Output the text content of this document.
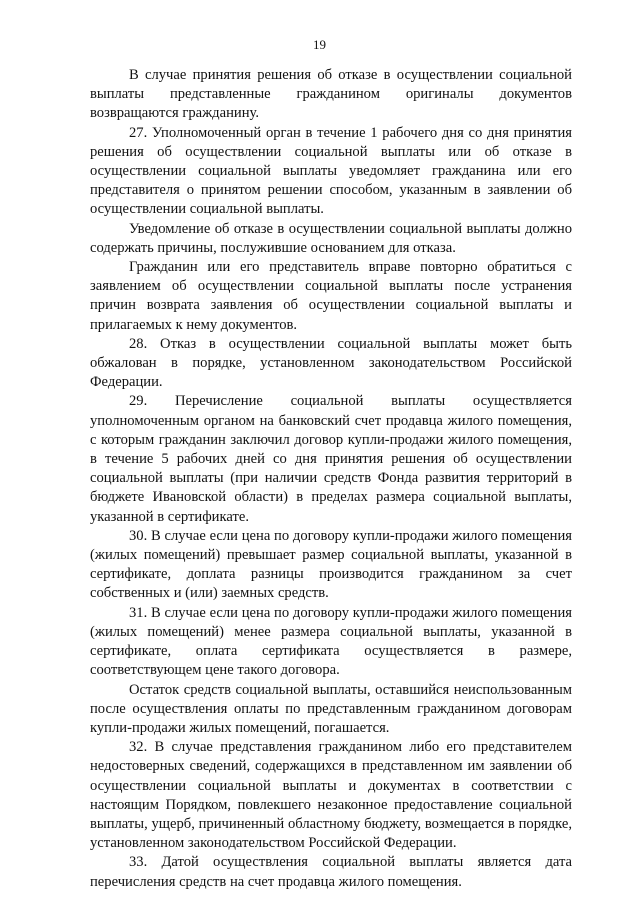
19

В случае принятия решения об отказе в осуществлении социальной выплаты представленные гражданином оригиналы документов возвращаются гражданину.

27. Уполномоченный орган в течение 1 рабочего дня со дня принятия решения об осуществлении социальной выплаты или об отказе в осуществлении социальной выплаты уведомляет гражданина или его представителя о принятом решении способом, указанным в заявлении об осуществлении социальной выплаты.

Уведомление об отказе в осуществлении социальной выплаты должно содержать причины, послужившие основанием для отказа.

Гражданин или его представитель вправе повторно обратиться с заявлением об осуществлении социальной выплаты после устранения причин возврата заявления об осуществлении социальной выплаты и прилагаемых к нему документов.

28. Отказ в осуществлении социальной выплаты может быть обжалован в порядке, установленном законодательством Российской Федерации.

29. Перечисление социальной выплаты осуществляется уполномоченным органом на банковский счет продавца жилого помещения, с которым гражданин заключил договор купли-продажи жилого помещения, в течение 5 рабочих дней со дня принятия решения об осуществлении социальной выплаты (при наличии средств Фонда развития территорий в бюджете Ивановской области) в пределах размера социальной выплаты, указанной в сертификате.

30. В случае если цена по договору купли-продажи жилого помещения (жилых помещений) превышает размер социальной выплаты, указанной в сертификате, доплата разницы производится гражданином за счет собственных и (или) заемных средств.

31. В случае если цена по договору купли-продажи жилого помещения (жилых помещений) менее размера социальной выплаты, указанной в сертификате, оплата сертификата осуществляется в размере, соответствующем цене такого договора.

Остаток средств социальной выплаты, оставшийся неиспользованным после осуществления оплаты по представленным гражданином договорам купли-продажи жилых помещений, погашается.

32. В случае представления гражданином либо его представителем недостоверных сведений, содержащихся в представленном им заявлении об осуществлении социальной выплаты и документах в соответствии с настоящим Порядком, повлекшего незаконное предоставление социальной выплаты, ущерб, причиненный областному бюджету, возмещается в порядке, установленном законодательством Российской Федерации.

33. Датой осуществления социальной выплаты является дата перечисления средств на счет продавца жилого помещения.
